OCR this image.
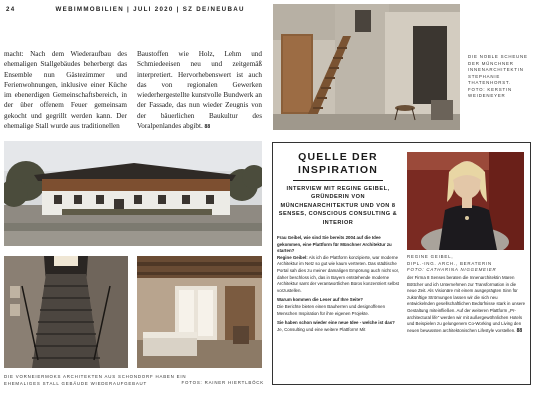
24	WEBIMMOBILIEN | JULI 2020 | SZ DE/NEUBAU
macht: Nach dem Wiederaufbau des ehemaligen Stallgebäudes beherbergt das Ensemble nun Gästezimmer und Ferienwohnungen, inklusive einer Küche im ebenerdigen Gemeinschaftsbereich, in der über offenem Feuer gemeinsam gekocht und gegrillt werden kann. Der ehemalige Stall wurde aus traditionellen
Baustoffen wie Holz, Lehm und Schmiedeeisen neu und zeitgemäß interpretiert. Hervorhebenswert ist auch das von regionalen Gewerken wiederhergestellte kunstvolle Bundwerk an der Fassade, das nun wieder Zeugnis von der bäuerlichen Baukultur des Voralpenlandes abgibt. 88
DIE NOBLE SCHEUNE DER MÜNCHNER INNENARCHITEKTIN STEPHANIE THATENHORST. FOTO: KERSTIN WEIDENEYER
DIE VORNEIERMOKS ARCHITEKTEN AUS SCHONDORF HABEN EIN EHEMALIGES STALL GEBÄUDE WIEDERAUFGEBAUT	FOTOS: RAINER HIERTLBÖCK
QUELLE DER
INSPIRATION
INTERVIEW MIT REGINE GEIBEL, GRÜNDERIN VON MÜNCHENARCHITEKTUR UND VON 8 SENSES, CONSCIOUS CONSULTING & INTERIOR
REGINE GEIBEL,
DIPL.-ING. ARCH., BERATERIN
FOTO: CATHARINA NIGGEMEIER
Frau Geibel, wie sind Sie bereits 2004 auf die Idee gekommen, eine Plattform für Münchner Architektur zu starten?
Regine Geibel: Als ich die Plattform konzipierte, war moderne Architektur im Netz so gut wie kaum vertreten. Das städtische Portal sah dies zu meiner damaligen Empörung auch nicht vor, daher beschloss ich, das in Bayern entstehende moderne Architektur samt der verantwortlichen Büros konzentriert selbst vorzustellen.
Warum kommen die Leser auf Ihre Seite?
Die Berichte bieten einen Bauherren und designoffenen Menschen Inspiration für ihre eigenen Projekte.
Sie haben schon wieder eine neue Idee - welche ist das?
Je, Consulting und eine weitere Plattform! Mit
der Firma 8 Senses beraten die Innenarchitektin Maren Böttcher und ich Unternehmen zur Transformation in die neue Zeit. Als Visionäre mit einem ausgeprägten Sinn für zukünftige Strömungen lassen wir die sich neu entwickelnden gesellschaftlichen Bedürfnisse stark in unsere Gestaltung miteinfließen. Auf der weiteren Plattform „Pr-architectural life" werden wir mit außergewöhnlichen Hotels und Beispielen zu gelungenem Co-Working und Living den neuen bewussten architektonischen Lifestyle vorstellen. 88
